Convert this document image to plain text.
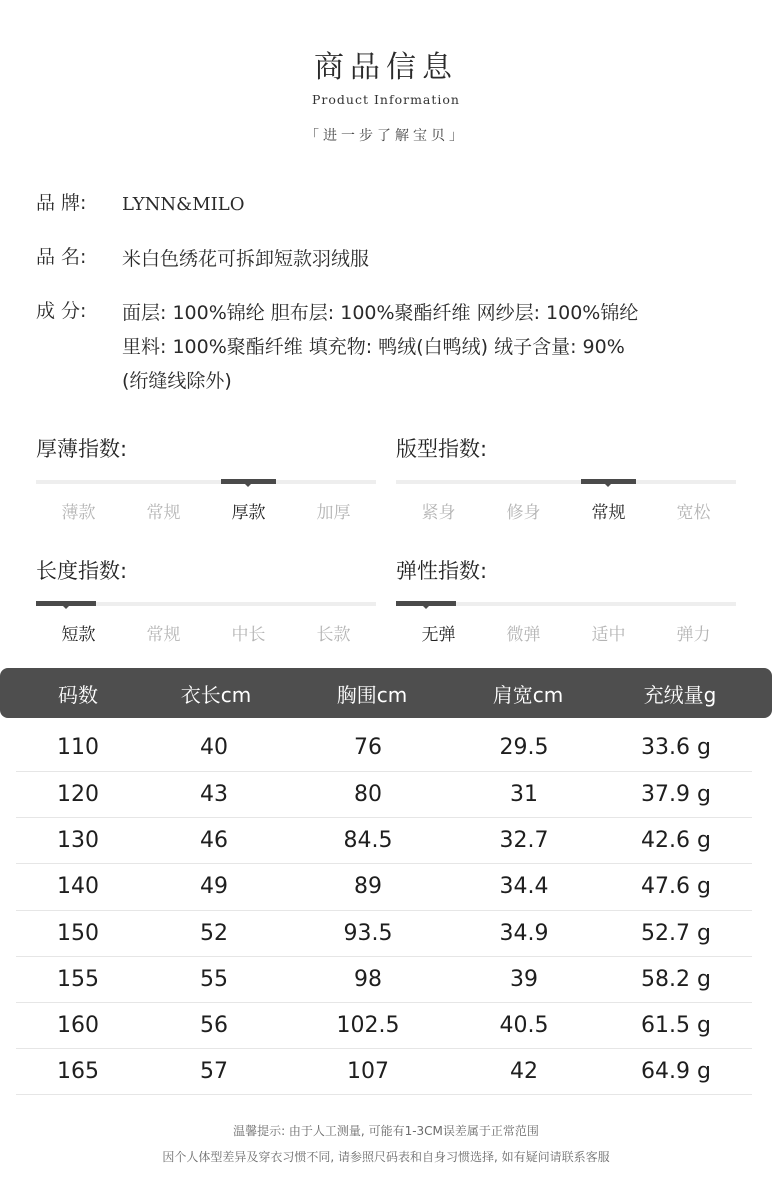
商品信息
Product Information
「进一步了解宝贝」
品 牌:	LYNN&MILO
品 名:	米白色绣花可拆卸短款羽绒服
成 分:	面层: 100%锦纶 胆布层: 100%聚酯纤维 网纱层: 100%锦纶
里料: 100%聚酯纤维 填充物: 鸭绒(白鸭绒) 绒子含量: 90%
(绗缝线除外)
厚薄指数:
薄款	常规	厚款	加厚
版型指数:
紧身	修身	常规	宽松
长度指数:
短款	常规	中长	长款
弹性指数:
无弹	微弹	适中	弹力
码数	衣长cm	胸围cm	肩宽cm	充绒量g
110	40	76	29.5	33.6 g
120	43	80	31	37.9 g
130	46	84.5	32.7	42.6 g
140	49	89	34.4	47.6 g
150	52	93.5	34.9	52.7 g
155	55	98	39	58.2 g
160	56	102.5	40.5	61.5 g
165	57	107	42	64.9 g
温馨提示: 由于人工测量, 可能有1-3CM误差属于正常范围
因个人体型差异及穿衣习惯不同, 请参照尺码表和自身习惯选择, 如有疑问请联系客服
